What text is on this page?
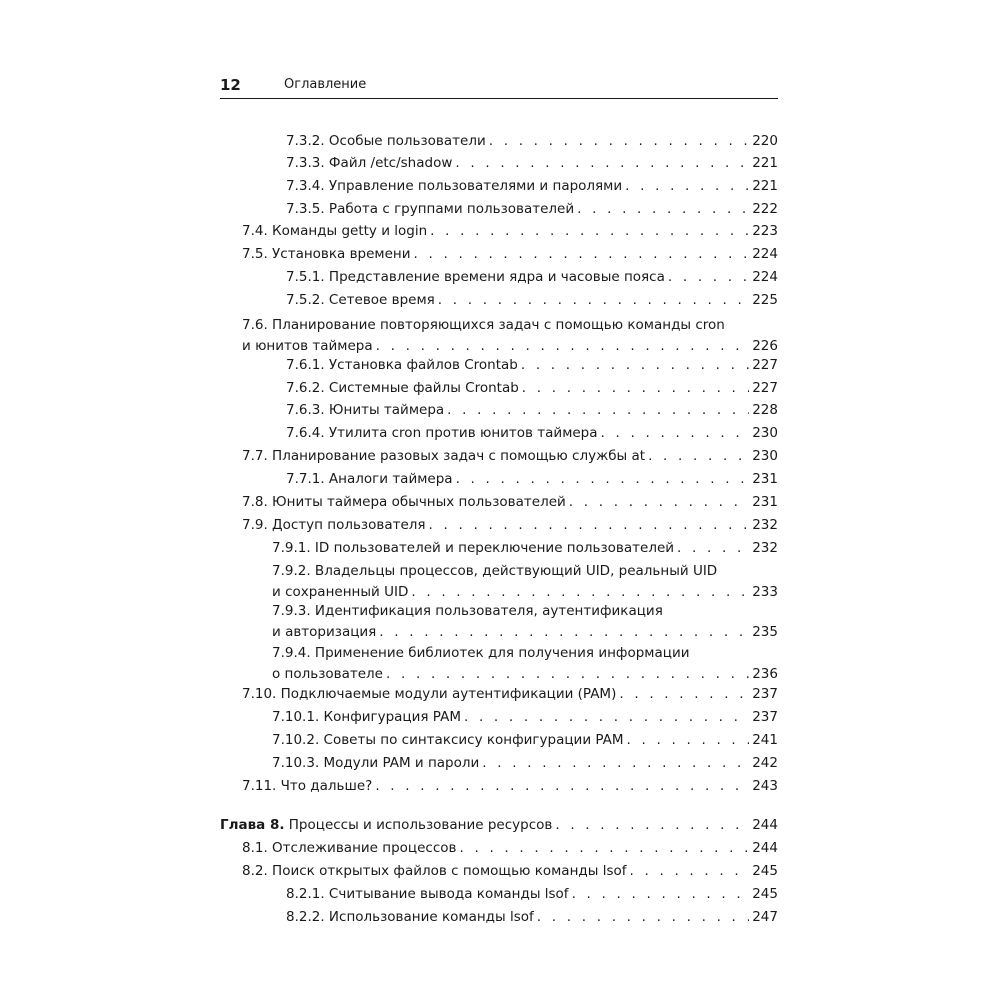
12	Оглавление
7.3.2. Особые пользователи . . .	220
7.3.3. Файл /etc/shadow . . .	221
7.3.4. Управление пользователями и паролями . . .	221
7.3.5. Работа с группами пользователей . . .	222
7.4. Команды getty и login . . .	223
7.5. Установка времени . . .	224
7.5.1. Представление времени ядра и часовые пояса . . .	224
7.5.2. Сетевое время . . .	225
7.6. Планирование повторяющихся задач с помощью команды cron
и юнитов таймера . . .	226
7.6.1. Установка файлов Crontab . . .	227
7.6.2. Системные файлы Crontab . . .	227
7.6.3. Юниты таймера . . .	228
7.6.4. Утилита cron против юнитов таймера . . .	230
7.7. Планирование разовых задач с помощью службы at . . .	230
7.7.1. Аналоги таймера . . .	231
7.8. Юниты таймера обычных пользователей . . .	231
7.9. Доступ пользователя . . .	232
7.9.1. ID пользователей и переключение пользователей . . .	232
7.9.2. Владельцы процессов, действующий UID, реальный UID
и сохраненный UID . . .	233
7.9.3. Идентификация пользователя, аутентификация
и авторизация . . .	235
7.9.4. Применение библиотек для получения информации
о пользователе . . .	236
7.10. Подключаемые модули аутентификации (PAM) . . .	237
7.10.1. Конфигурация PAM . . .	237
7.10.2. Советы по синтаксису конфигурации PAM . . .	241
7.10.3. Модули PAM и пароли . . .	242
7.11. Что дальше? . . .	243
Глава 8. Процессы и использование ресурсов . . .	244
8.1. Отслеживание процессов . . .	244
8.2. Поиск открытых файлов с помощью команды lsof . . .	245
8.2.1. Считывание вывода команды lsof . . .	245
8.2.2. Использование команды lsof . . .	247
